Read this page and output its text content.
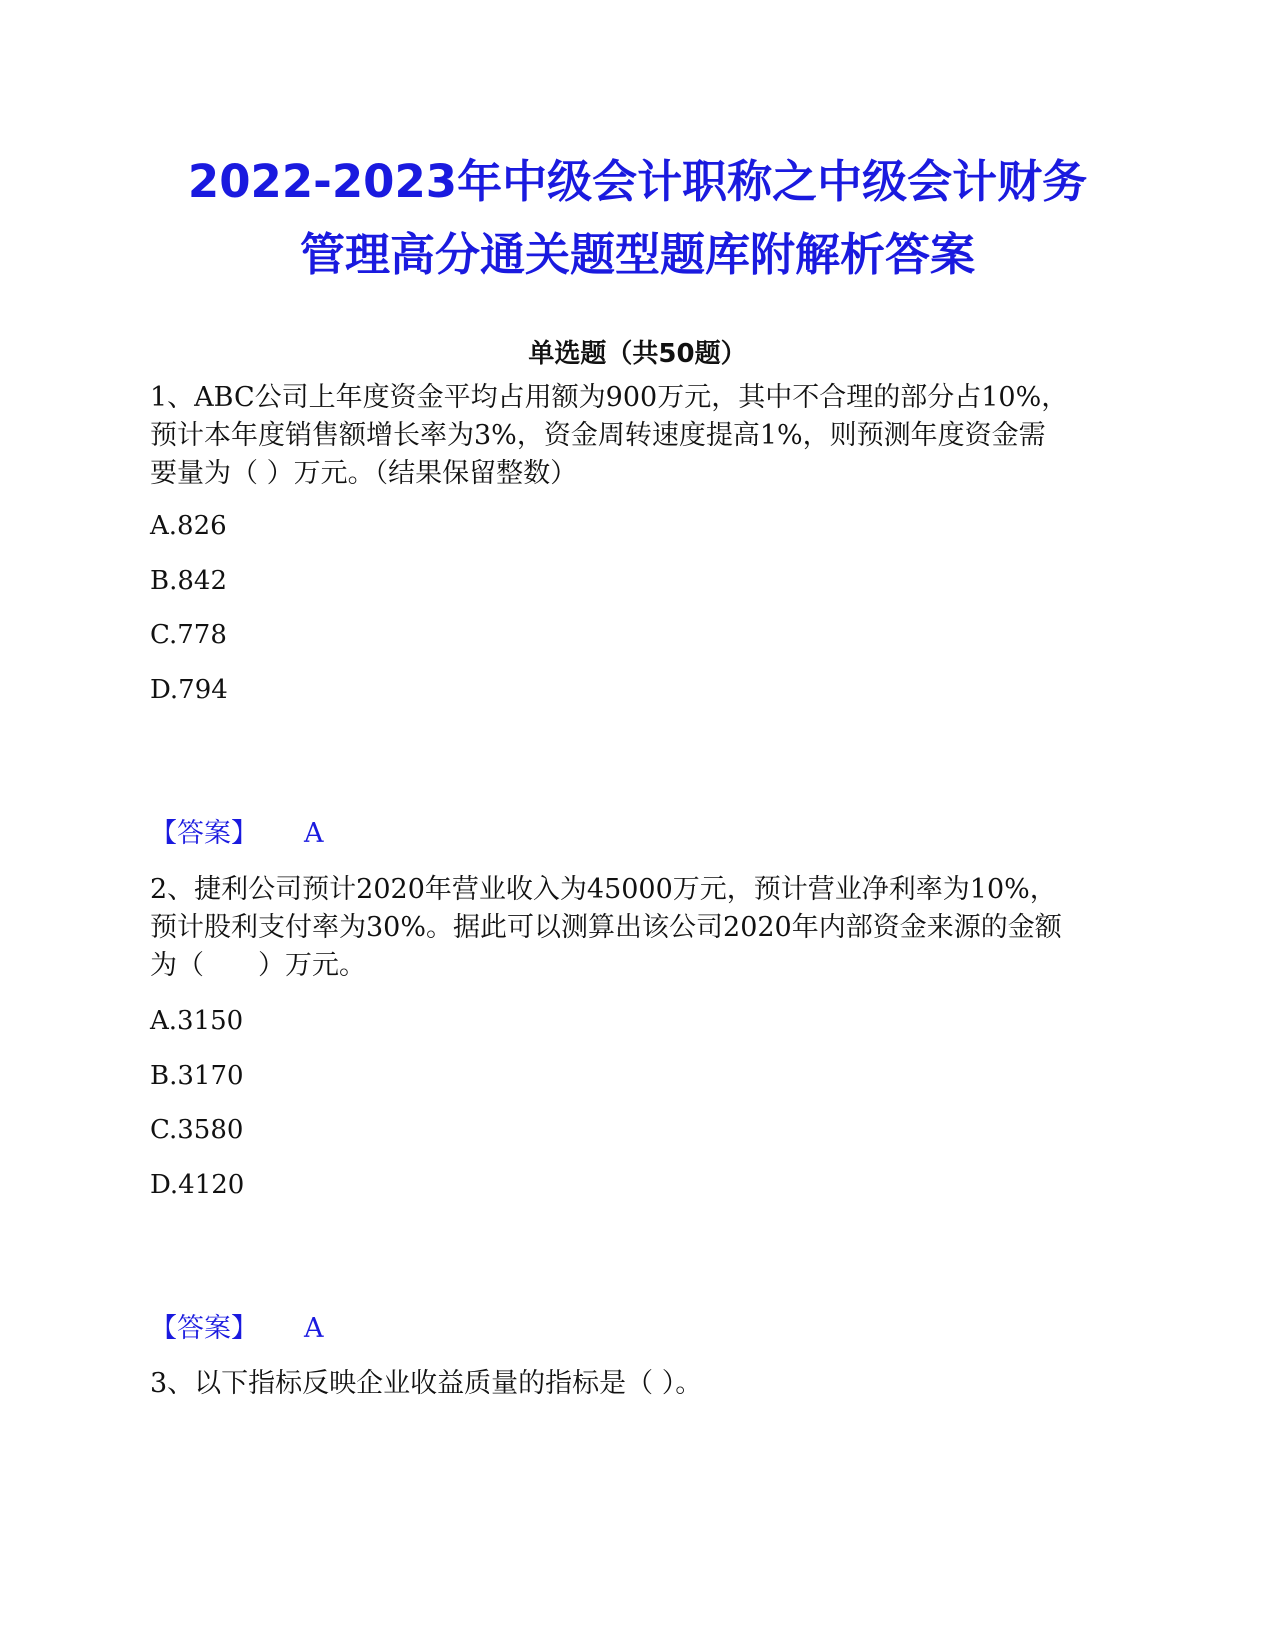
2022-2023年中级会计职称之中级会计财务
管理高分通关题型题库附解析答案
单选题（共50题）
1、ABC公司上年度资金平均占用额为900万元，其中不合理的部分占10%，
预计本年度销售额增长率为3%，资金周转速度提高1%，则预测年度资金需
要量为（ ）万元。（结果保留整数）
A.826
B.842
C.778
D.794
【答案】 A
2、捷利公司预计2020年营业收入为45000万元，预计营业净利率为10%，
预计股利支付率为30%。据此可以测算出该公司2020年内部资金来源的金额
为（　　）万元。
A.3150
B.3170
C.3580
D.4120
【答案】 A
3、以下指标反映企业收益质量的指标是（ ）。
